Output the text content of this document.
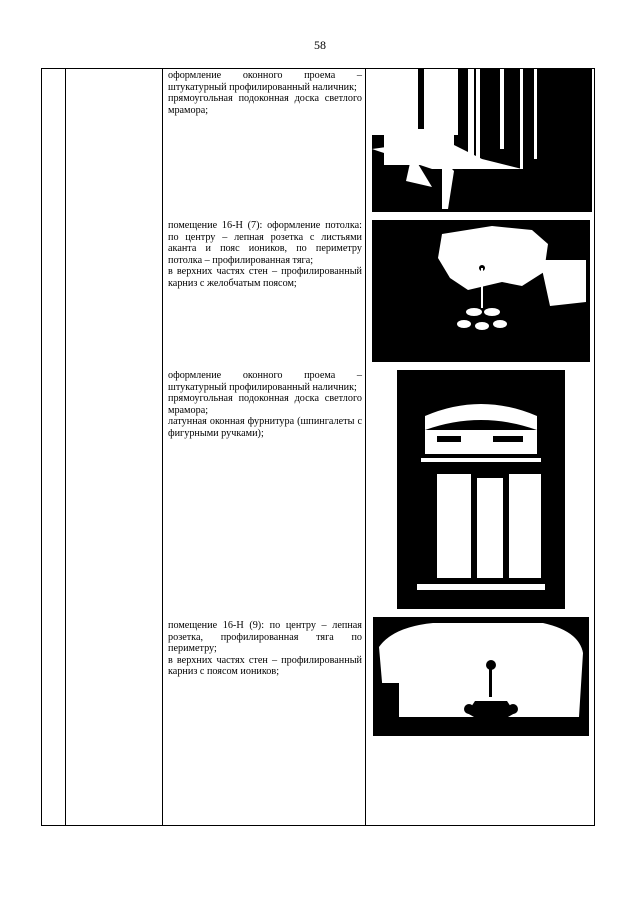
58

оформление оконного проема – штукатурный профилированный наличник;

прямоугольная подоконная доска светлого мрамора;

помещение 16-Н (7): оформление потолка: по центру – лепная розетка с листьями аканта и пояс иоников, по периметру потолка – профилированная тяга;

в верхних частях стен – профилированный карниз с желобчатым поясом;

оформление оконного проема – штукатурный профилированный наличник;

прямоугольная подоконная доска светлого мрамора;

латунная оконная фурнитура (шпингалеты с фигурными ручками);

помещение 16-Н (9): по центру – лепная розетка, профилированная тяга по периметру;

в верхних частях стен – профилированный карниз с поясом иоников;
